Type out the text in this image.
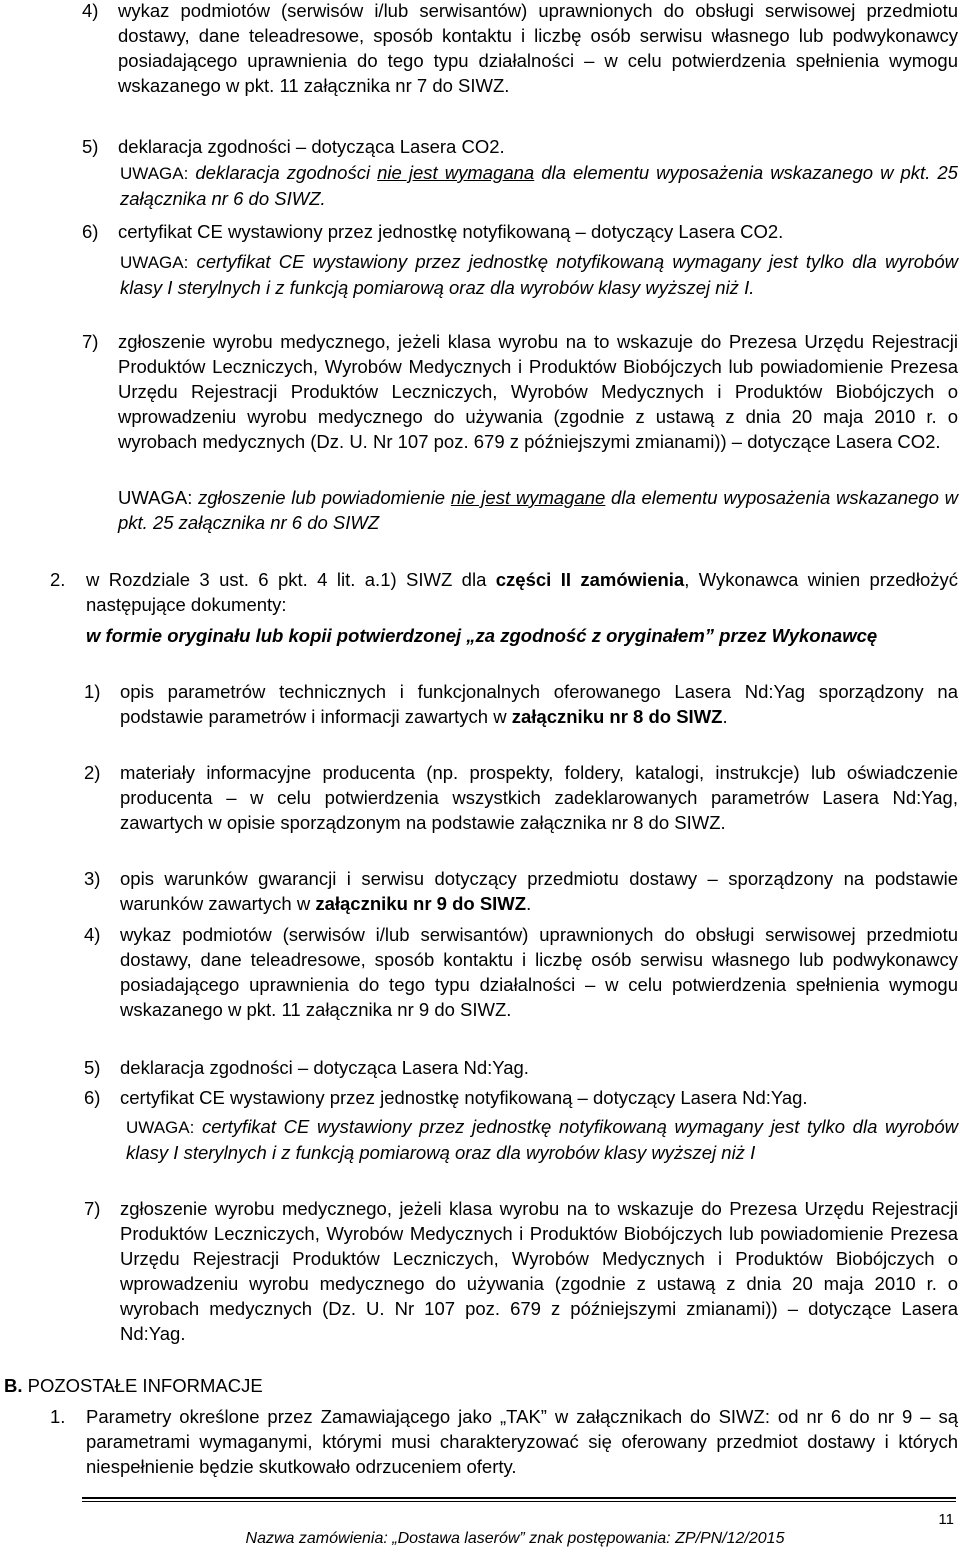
4) wykaz podmiotów (serwisów i/lub serwisantów) uprawnionych do obsługi serwisowej przedmiotu dostawy, dane teleadresowe, sposób kontaktu i liczbę osób serwisu własnego lub podwykonawcy posiadającego uprawnienia do tego typu działalności – w celu potwierdzenia spełnienia wymogu wskazanego w pkt. 11 załącznika nr 7 do SIWZ.
5) deklaracja zgodności – dotycząca Lasera CO2.
UWAGA: deklaracja zgodności nie jest wymagana dla elementu wyposażenia wskazanego w pkt. 25 załącznika nr 6 do SIWZ.
6) certyfikat CE wystawiony przez jednostkę notyfikowaną – dotyczący Lasera CO2.
UWAGA: certyfikat CE wystawiony przez jednostkę notyfikowaną wymagany jest tylko dla wyrobów klasy I sterylnych i z funkcją pomiarową oraz dla wyrobów klasy wyższej niż I.
7) zgłoszenie wyrobu medycznego, jeżeli klasa wyrobu na to wskazuje do Prezesa Urzędu Rejestracji Produktów Leczniczych, Wyrobów Medycznych i Produktów Biobójczych lub powiadomienie Prezesa Urzędu Rejestracji Produktów Leczniczych, Wyrobów Medycznych i Produktów Biobójczych o wprowadzeniu wyrobu medycznego do używania (zgodnie z ustawą z dnia 20 maja 2010 r. o wyrobach medycznych (Dz. U. Nr 107 poz. 679 z późniejszymi zmianami)) – dotyczące Lasera CO2.
UWAGA: zgłoszenie lub powiadomienie nie jest wymagane dla elementu wyposażenia wskazanego w pkt. 25 załącznika nr 6 do SIWZ
2. w Rozdziale 3 ust. 6 pkt. 4 lit. a.1) SIWZ dla części II zamówienia, Wykonawca winien przedłożyć następujące dokumenty:
w formie oryginału lub kopii potwierdzonej „za zgodność z oryginałem” przez Wykonawcę
1) opis parametrów technicznych i funkcjonalnych oferowanego Lasera Nd:Yag sporządzony na podstawie parametrów i informacji zawartych w załączniku nr 8 do SIWZ.
2) materiały informacyjne producenta (np. prospekty, foldery, katalogi, instrukcje) lub oświadczenie producenta – w celu potwierdzenia wszystkich zadeklarowanych parametrów Lasera Nd:Yag, zawartych w opisie sporządzonym na podstawie załącznika nr 8 do SIWZ.
3) opis warunków gwarancji i serwisu dotyczący przedmiotu dostawy – sporządzony na podstawie warunków zawartych w załączniku nr 9 do SIWZ.
4) wykaz podmiotów (serwisów i/lub serwisantów) uprawnionych do obsługi serwisowej przedmiotu dostawy, dane teleadresowe, sposób kontaktu i liczbę osób serwisu własnego lub podwykonawcy posiadającego uprawnienia do tego typu działalności – w celu potwierdzenia spełnienia wymogu wskazanego w pkt. 11 załącznika nr 9 do SIWZ.
5) deklaracja zgodności – dotycząca Lasera Nd:Yag.
6) certyfikat CE wystawiony przez jednostkę notyfikowaną – dotyczący Lasera Nd:Yag.
UWAGA: certyfikat CE wystawiony przez jednostkę notyfikowaną wymagany jest tylko dla wyrobów klasy I sterylnych i z funkcją pomiarową oraz dla wyrobów klasy wyższej niż I
7) zgłoszenie wyrobu medycznego, jeżeli klasa wyrobu na to wskazuje do Prezesa Urzędu Rejestracji Produktów Leczniczych, Wyrobów Medycznych i Produktów Biobójczych lub powiadomienie Prezesa Urzędu Rejestracji Produktów Leczniczych, Wyrobów Medycznych i Produktów Biobójczych o wprowadzeniu wyrobu medycznego do używania (zgodnie z ustawą z dnia 20 maja 2010 r. o wyrobach medycznych (Dz. U. Nr 107 poz. 679 z późniejszymi zmianami)) – dotyczące Lasera Nd:Yag.
B. POZOSTAŁE INFORMACJE
1. Parametry określone przez Zamawiającego jako „TAK” w załącznikach do SIWZ: od nr 6 do nr 9 – są parametrami wymaganymi, którymi musi charakteryzować się oferowany przedmiot dostawy i których niespełnienie będzie skutkowało odrzuceniem oferty.
11
Nazwa zamówienia: „Dostawa laserów” znak postępowania: ZP/PN/12/2015
